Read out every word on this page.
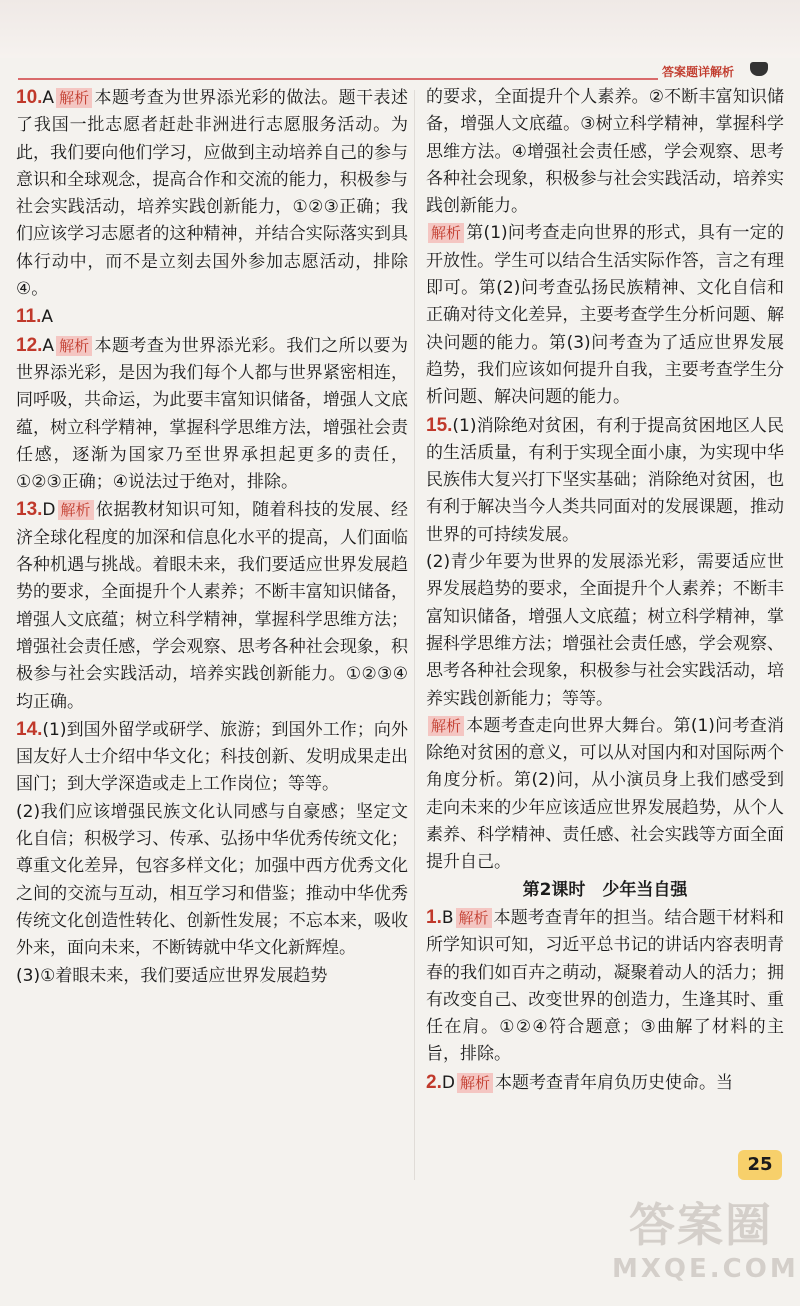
答案题详解析

10.A 解析 本题考查为世界添光彩的做法。题干表述了我国一批志愿者赶赴非洲进行志愿服务活动。为此，我们要向他们学习，应做到主动培养自己的参与意识和全球观念，提高合作和交流的能力，积极参与社会实践活动，培养实践创新能力，①②③正确；我们应该学习志愿者的这种精神，并结合实际落实到具体行动中，而不是立刻去国外参加志愿活动，排除④。

11.A

12.A 解析 本题考查为世界添光彩。我们之所以要为世界添光彩，是因为我们每个人都与世界紧密相连，同呼吸，共命运，为此要丰富知识储备，增强人文底蕴，树立科学精神，掌握科学思维方法，增强社会责任感，逐渐为国家乃至世界承担起更多的责任，①②③正确；④说法过于绝对，排除。

13.D 解析 依据教材知识可知，随着科技的发展、经济全球化程度的加深和信息化水平的提高，人们面临各种机遇与挑战。着眼未来，我们要适应世界发展趋势的要求，全面提升个人素养；不断丰富知识储备，增强人文底蕴；树立科学精神，掌握科学思维方法；增强社会责任感，学会观察、思考各种社会现象，积极参与社会实践活动，培养实践创新能力。①②③④均正确。

14.(1)到国外留学或研学、旅游；到国外工作；向外国友好人士介绍中华文化；科技创新、发明成果走出国门；到大学深造或走上工作岗位；等等。

(2)我们应该增强民族文化认同感与自豪感；坚定文化自信；积极学习、传承、弘扬中华优秀传统文化；尊重文化差异，包容多样文化；加强中西方优秀文化之间的交流与互动，相互学习和借鉴；推动中华优秀传统文化创造性转化、创新性发展；不忘本来，吸收外来，面向未来，不断铸就中华文化新辉煌。

(3)①着眼未来，我们要适应世界发展趋势

的要求，全面提升个人素养。②不断丰富知识储备，增强人文底蕴。③树立科学精神，掌握科学思维方法。④增强社会责任感，学会观察、思考各种社会现象，积极参与社会实践活动，培养实践创新能力。

解析 第(1)问考查走向世界的形式，具有一定的开放性。学生可以结合生活实际作答，言之有理即可。第(2)问考查弘扬民族精神、文化自信和正确对待文化差异，主要考查学生分析问题、解决问题的能力。第(3)问考查为了适应世界发展趋势，我们应该如何提升自我，主要考查学生分析问题、解决问题的能力。

15.(1)消除绝对贫困，有利于提高贫困地区人民的生活质量，有利于实现全面小康，为实现中华民族伟大复兴打下坚实基础；消除绝对贫困，也有利于解决当今人类共同面对的发展课题，推动世界的可持续发展。

(2)青少年要为世界的发展添光彩，需要适应世界发展趋势的要求，全面提升个人素养；不断丰富知识储备，增强人文底蕴；树立科学精神，掌握科学思维方法；增强社会责任感，学会观察、思考各种社会现象，积极参与社会实践活动，培养实践创新能力；等等。

解析 本题考查走向世界大舞台。第(1)问考查消除绝对贫困的意义，可以从对国内和对国际两个角度分析。第(2)问，从小演员身上我们感受到走向未来的少年应该适应世界发展趋势，从个人素养、科学精神、责任感、社会实践等方面全面提升自己。

第2课时　少年当自强

1.B 解析 本题考查青年的担当。结合题干材料和所学知识可知，习近平总书记的讲话内容表明青春的我们如百卉之萌动，凝聚着动人的活力；拥有改变自己、改变世界的创造力，生逢其时、重任在肩。①②④符合题意；③曲解了材料的主旨，排除。

2.D 解析 本题考查青年肩负历史使命。当

25
答案圈
MXQE.COM
